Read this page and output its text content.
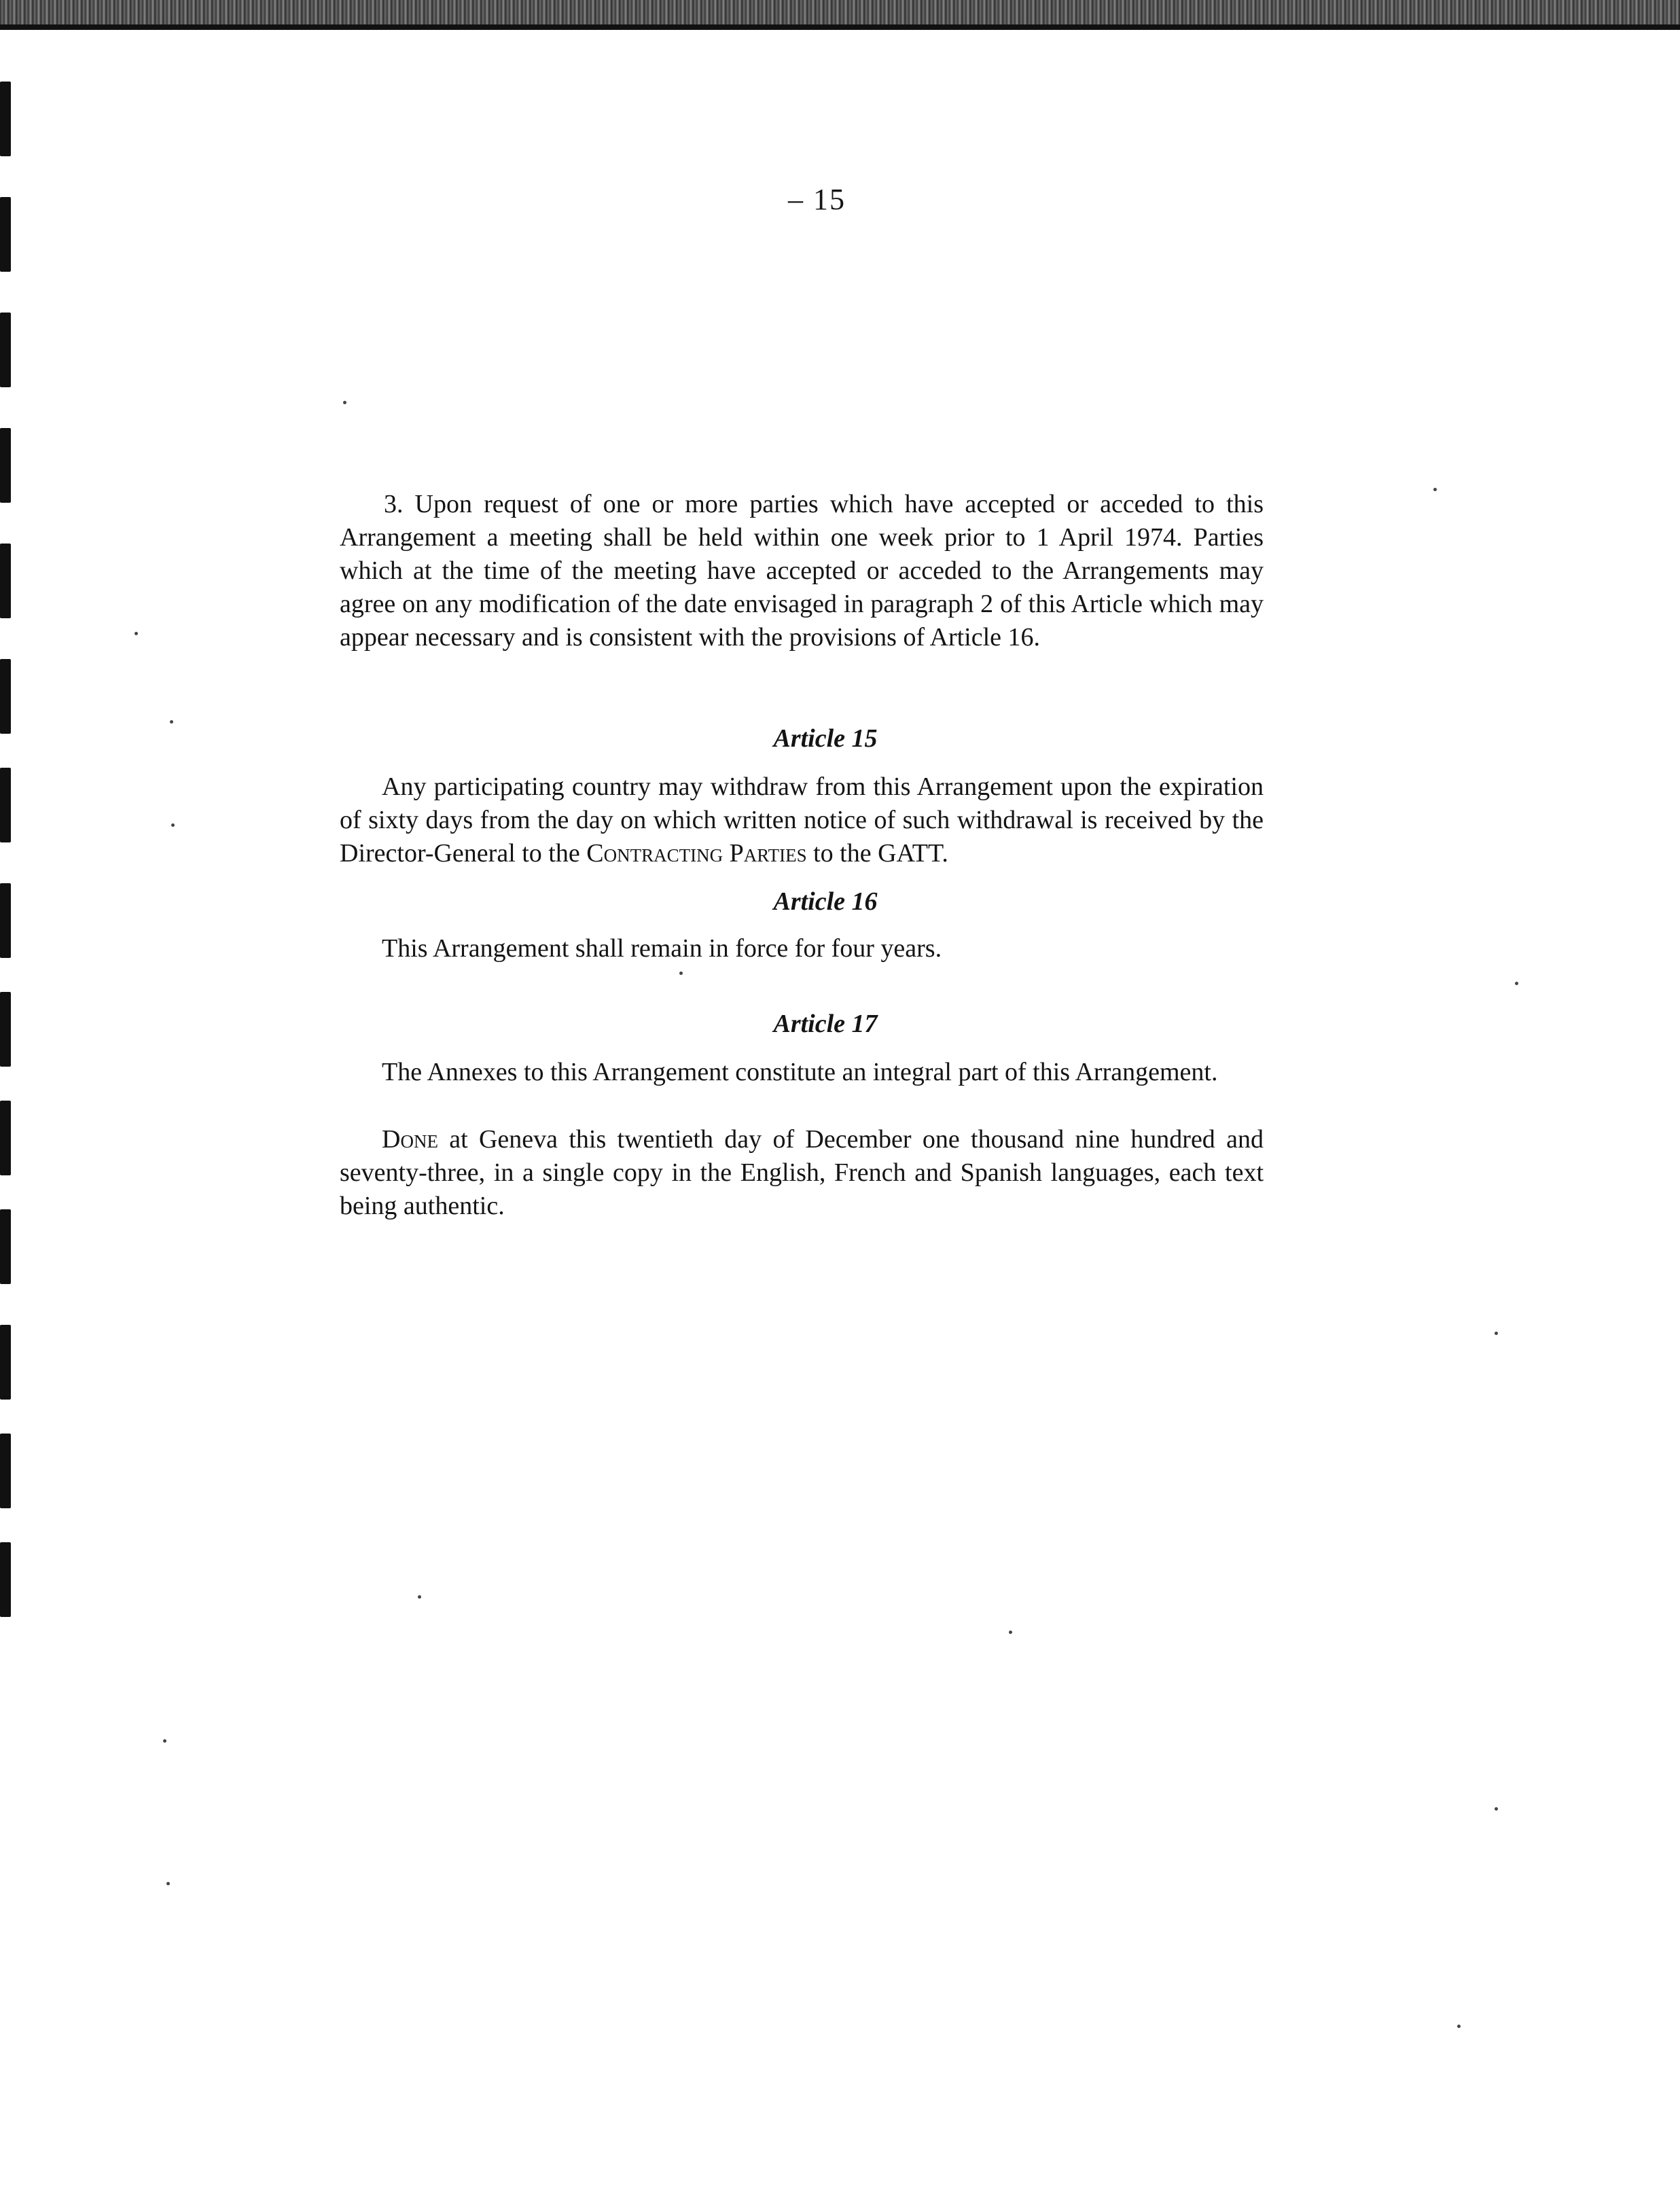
– 15

3. Upon request of one or more parties which have accepted or acceded to this Arrangement a meeting shall be held within one week prior to 1 April 1974. Parties which at the time of the meeting have accepted or acceded to the Arrangements may agree on any modification of the date envisaged in paragraph 2 of this Article which may appear necessary and is consistent with the provisions of Article 16.

Article 15

Any participating country may withdraw from this Arrangement upon the expiration of sixty days from the day on which written notice of such withdrawal is received by the Director-General to the Contracting Parties to the GATT.

Article 16

This Arrangement shall remain in force for four years.

Article 17

The Annexes to this Arrangement constitute an integral part of this Arrangement.

Done at Geneva this twentieth day of December one thousand nine hundred and seventy-three, in a single copy in the English, French and Spanish languages, each text being authentic.
